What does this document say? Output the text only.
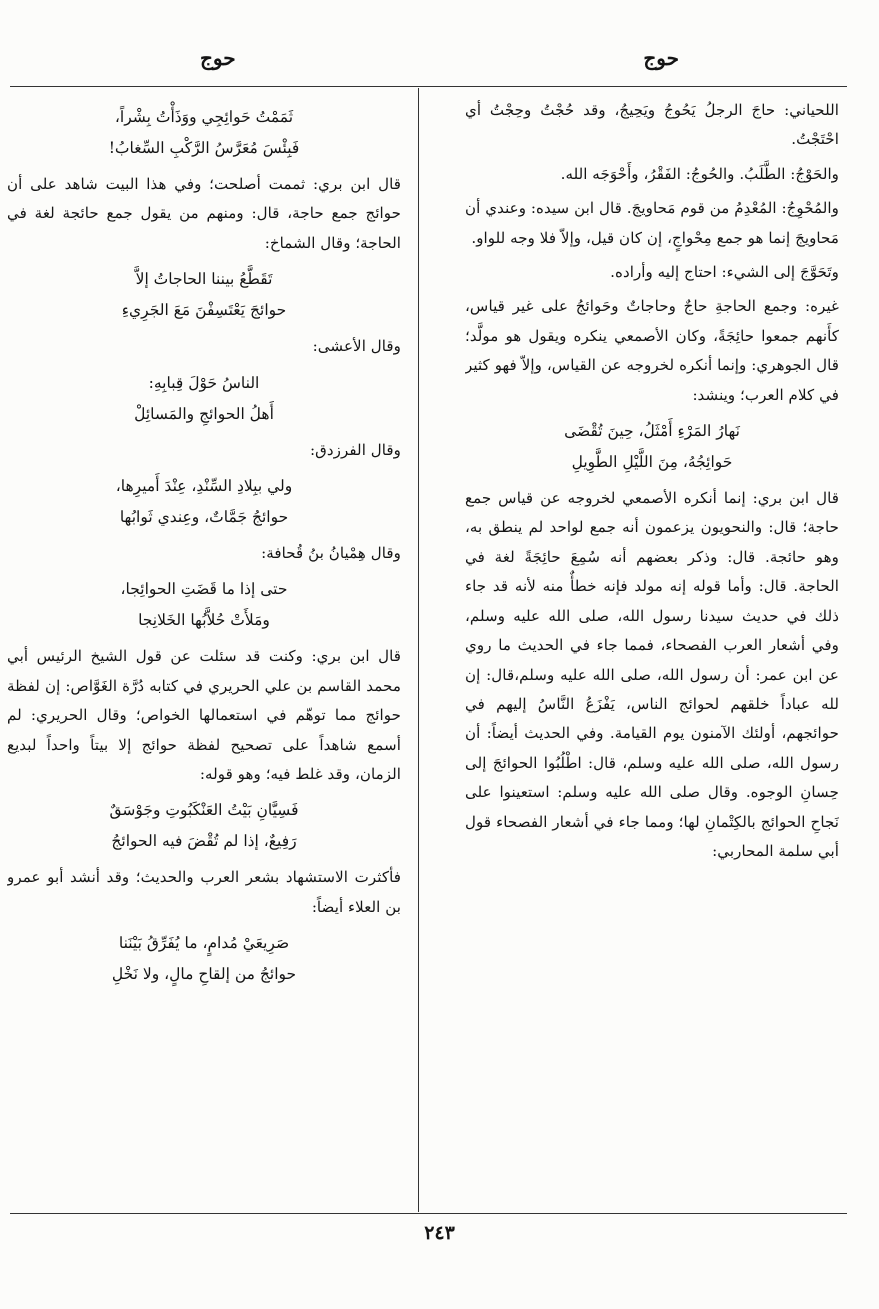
حوج
حوج

اللحياني: حاجَ الرجلُ يَحُوجُ ويَحِيجُ، وقد حُجْتُ وحِجْتُ أي احْتَجْتُ.

والحَوْجُ: الطَّلَبُ. والحُوجُ: الفَقْرُ، وأَحْوَجَه الله.

والمُحْوِجُ: المُعْدِمُ من قوم مَحاويجَ. قال ابن سيده: وعندي أن مَحاويجَ إنما هو جمع مِحْواجٍ، إن كان قيل، وإلاّ فلا وجه للواو.

وتَحَوَّجَ إلى الشيء: احتاج إليه وأراده.

غيره: وجمع الحاجةِ حاجٌ وحاجاتٌ وحَوائجُ على غير قياس، كأَنهم جمعوا حائِجَةً، وكان الأصمعي ينكره ويقول هو مولَّد؛ قال الجوهري: وإنما أنكره لخروجه عن القياس، وإلاّ فهو كثير في كلام العرب؛ وينشد:

نَهارُ المَرْءِ أَمْثَلُ، حِينَ تُقْضَى
حَوائِجُهُ، مِنَ اللَّيْلِ الطَّوِيلِ

قال ابن بري: إنما أنكره الأصمعي لخروجه عن قياس جمع حاجة؛ قال: والنحويون يزعمون أنه جمع لواحد لم ينطق به، وهو حائجة. قال: وذكر بعضهم أنه سُمِعَ حائِجَةً لغة في الحاجة. قال: وأما قوله إنه مولد فإنه خطأٌ منه لأنه قد جاء ذلك في حديث سيدنا رسول الله، صلى الله عليه وسلم، وفي أشعار العرب الفصحاء، فمما جاء في الحديث ما روي عن ابن عمر: أن رسول الله، صلى الله عليه وسلم،قال: إن لله عباداً خلقهم لحوائج الناس، يَفْزَعُ النَّاسُ إليهم في حوائجهم، أولئك الآمنون يوم القيامة. وفي الحديث أيضاً: أن رسول الله، صلى الله عليه وسلم، قال: اطْلُبُوا الحوائجَ إلى حِسانِ الوجوه. وقال صلى الله عليه وسلم: استعينوا على نَجاحِ الحوائج بالكِتْمانِ لها؛ ومما جاء في أشعار الفصحاء قول أبي سلمة المحاربي:

ثَمَمْتُ حَوائِجِي ووَذَأْتُ بِشْراً،
فَبِئْسَ مُعَرَّسُ الرَّكْبِ السِّغابُ!

قال ابن بري: ثممت أصلحت؛ وفي هذا البيت شاهد على أن حوائج جمع حاجة، قال: ومنهم من يقول جمع حائجة لغة في الحاجة؛ وقال الشماخ:

تَقَطَّعُ بيننا الحاجاتُ إلاَّ
حوائجَ يَعْتَسِفْنَ مَعَ الجَرِيءِ

وقال الأعشى:

الناسُ حَوْلَ قِبابِهِ:
أَهلُ الحوائجِ والمَسائِلْ

وقال الفرزدق:

ولي ببِلادِ السِّنْدِ، عِنْدَ أَميرِها،
حوائجُ جَمَّاتٌ، وعِندي ثَوابُها

وقال هِمْيانُ بنُ قُحافة:

حتى إذا ما قَضَتِ الحوائِجا،
ومَلأَتْ حُلاَّبُها الخَلانِجا

قال ابن بري: وكنت قد سئلت عن قول الشيخ الرئيس أبي محمد القاسم بن علي الحريري في كتابه دُرَّة الغَوَّاص: إن لفظة حوائج مما توهّم في استعمالها الخواص؛ وقال الحريري: لم أسمع شاهداً على تصحيح لفظة حوائج إلا بيتاً واحداً لبديع الزمان، وقد غلط فيه؛ وهو قوله:

فَسِيَّانِ بَيْتُ العَنْكَبُوتِ وجَوْسَقٌ
رَفِيعٌ، إذا لم تُقْضَ فيه الحوائجُ

فأكثرت الاستشهاد بشعر العرب والحديث؛ وقد أنشد أبو عمرو بن العلاء أيضاً:

صَرِيعَيْ مُدامٍ، ما يُفَرِّقُ بَيْنَنا
حوائجُ من إلقاحِ مالٍ، ولا نَخْلِ
٢٤٣
